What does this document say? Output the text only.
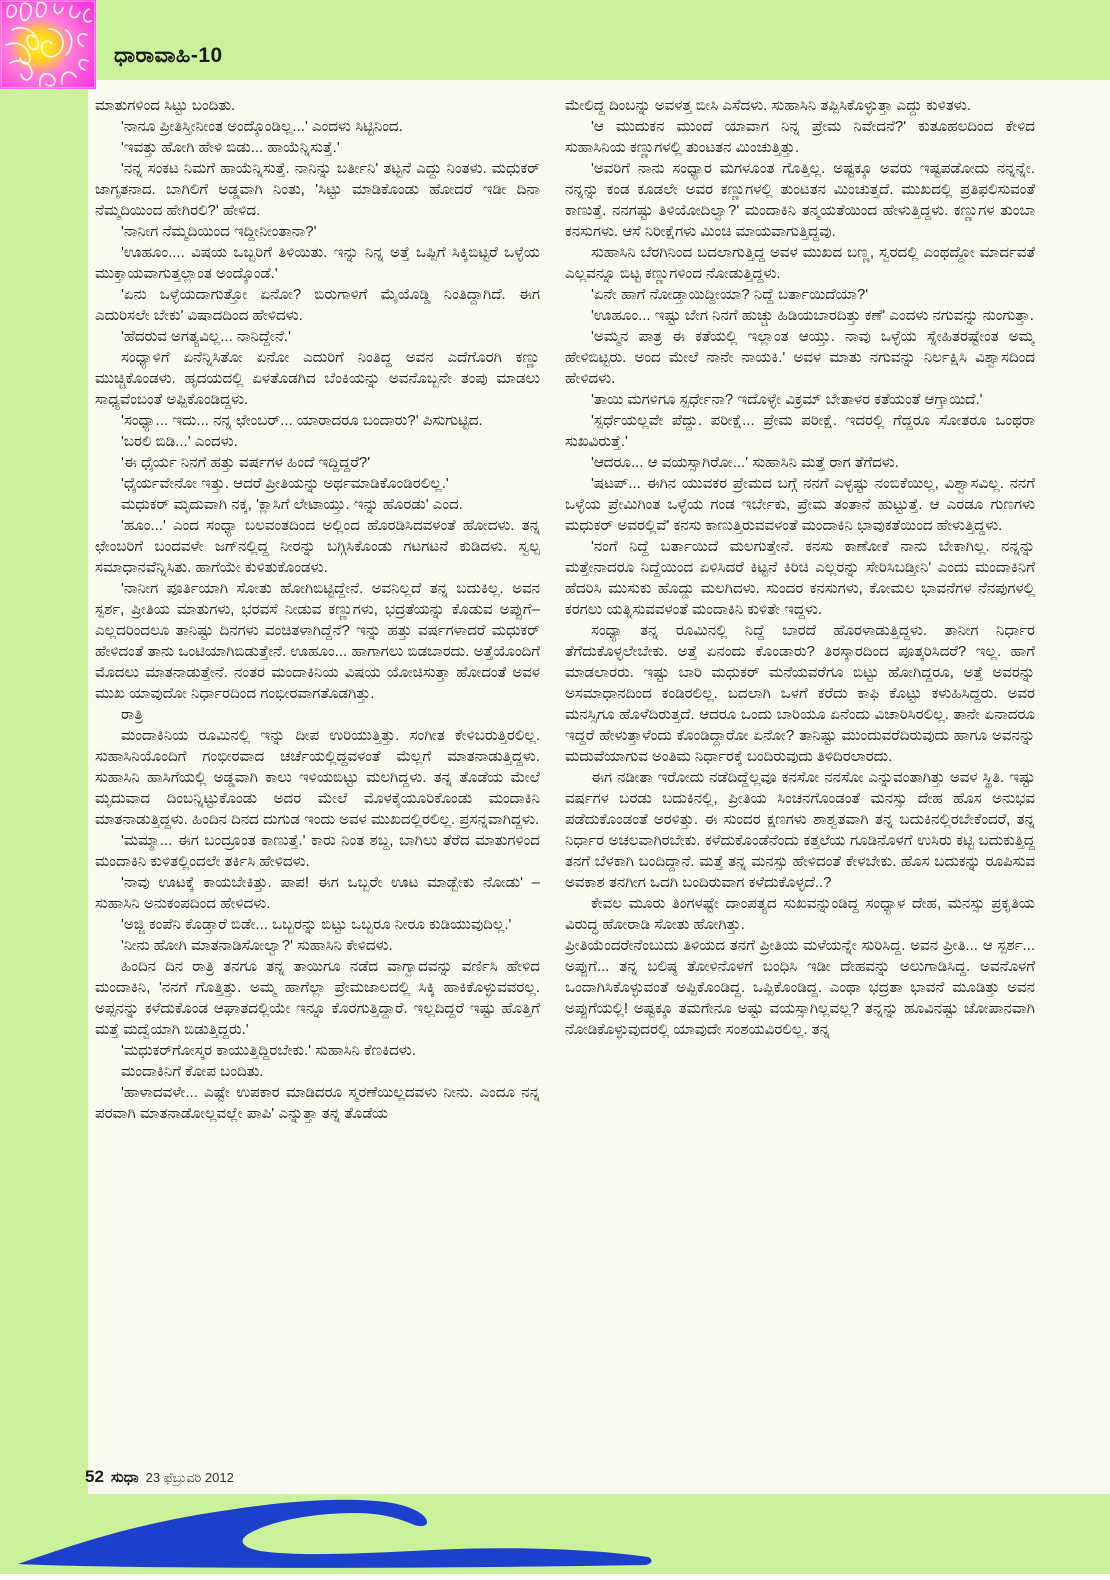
ಮಾತುಗಳಿಂದ ಸಿಟ್ಟು ಬಂದಿತು.

'ನಾನೂ ಪ್ರೀತಿಸ್ತೀನೀಂತ ಅಂದ್ಕೊಂಡಿಲ್ಲ...' ಎಂದಳು ಸಿಟ್ಟಿನಿಂದ.

'ಇವತ್ತು ಹೋಗಿ ಹೇಳಿ ಬಿಡು... ಹಾಯೆನ್ನಿಸುತ್ತೆ.'

'ನನ್ನ ಸಂಕಟ ನಿಮಗೆ ಹಾಯೆನ್ನಿಸುತ್ತೆ. ನಾನಿನ್ನು ಬರ್ತೀನಿ' ತಟ್ಟನೆ ಎದ್ದು ನಿಂತಳು. ಮಧುಕರ್ ಜಾಗೃತನಾದ. ಬಾಗಿಲಿಗೆ ಅಡ್ಡವಾಗಿ ನಿಂತು, 'ಸಿಟ್ಟು ಮಾಡಿಕೊಂಡು ಹೋದರೆ ಇಡೀ ದಿನಾ ನೆಮ್ಮದಿಯಿಂದ ಹೇಗಿರಲಿ?' ಹೇಳಿದ.

'ನಾನೀಗ ನೆಮ್ಮದಿಯಿಂದ ಇದ್ದೀನೀಂತಾನಾ?'

'ಊಹೂಂ.... ವಿಷಯ ಒಬ್ಬರಿಗೆ ತಿಳಿಯಿತು. ಇನ್ನು ನಿನ್ನ ಅತ್ತೆ ಒಪ್ಪಿಗೆ ಸಿಕ್ಕಿಬಿಟ್ಟರೆ ಒಳ್ಳೆಯ ಮುಕ್ತಾಯವಾಗುತ್ತಲ್ಲಾಂತ ಅಂದ್ಕೊಂಡೆ.'

'ಏನು ಒಳ್ಳೆಯದಾಗುತ್ತೋ ಏನೋ? ಬಿರುಗಾಳಿಗೆ ಮೈಯೊಡ್ಡಿ ನಿಂತಿದ್ದಾಗಿದೆ. ಈಗ ಎದುರಿಸಲೇ ಬೇಕು' ವಿಷಾದದಿಂದ ಹೇಳಿದಳು.

'ಹೆದರುವ ಅಗತ್ಯವಿಲ್ಲ... ನಾನಿದ್ದೇನೆ.'

ಸಂಧ್ಯಾಳಿಗೆ ಏನೆನ್ನಿಸಿತೋ ಏನೋ ಎದುರಿಗೆ ನಿಂತಿದ್ದ ಅವನ ಎದೆಗೊರಗಿ ಕಣ್ಣು ಮುಚ್ಚಿಕೊಂಡಳು. ಹೃದಯದಲ್ಲಿ ಏಳತೊಡಗಿದ ಬೆಂಕಿಯನ್ನು ಅವನೊಬ್ಬನೇ ತಂಪು ಮಾಡಲು ಸಾಧ್ಯವೆಂಬಂತೆ ಅಪ್ಪಿಕೊಂಡಿದ್ದಳು.

'ಸಂಧ್ಯಾ... ಇದು... ನನ್ನ ಛೇಂಬರ್... ಯಾರಾದರೂ ಬಂದಾರು?' ಪಿಸುಗುಟ್ಟಿದ.

'ಬರಲಿ ಬಿಡಿ...' ಎಂದಳು.

'ಈ ಧೈರ್ಯ ನಿನಗೆ ಹತ್ತು ವರ್ಷಗಳ ಹಿಂದೆ ಇದ್ದಿದ್ದರೆ?'

'ಧೈರ್ಯವೇನೋ ಇತ್ತು. ಆದರೆ ಪ್ರೀತಿಯನ್ನು ಅರ್ಥಮಾಡಿಕೊಂಡಿರಲಿಲ್ಲ.'

ಮಧುಕರ್ ಮೃದುವಾಗಿ ನಕ್ಕ, 'ಕ್ಲಾಸಿಗೆ ಲೇಟಾಯ್ತು. ಇನ್ನು ಹೊರಡು' ಎಂದ.

'ಹೂಂ...' ಎಂದ ಸಂಧ್ಯಾ ಬಲವಂತದಿಂದ ಅಲ್ಲಿಂದ ಹೊರಡಿಸಿದವಳಂತೆ ಹೋದಳು. ತನ್ನ ಛೇಂಬರಿಗೆ ಬಂದವಳೇ ಜಗ್‌ನಲ್ಲಿದ್ದ ನೀರನ್ನು ಬಗ್ಗಿಸಿಕೊಂಡು ಗಟಗಟನೆ ಕುಡಿದಳು. ಸ್ವಲ್ಪ ಸಮಾಧಾನವೆನ್ನಿಸಿತು. ಹಾಗೆಯೇ ಕುಳಿತುಕೊಂಡಳು.

'ನಾನೀಗ ಪೂರ್ತಿಯಾಗಿ ಸೋತು ಹೋಗಿಬಿಟ್ಟಿದ್ದೇನೆ. ಅವನಿಲ್ಲದೆ ತನ್ನ ಬದುಕಿಲ್ಲ. ಅವನ ಸ್ಪರ್ಶ, ಪ್ರೀತಿಯ ಮಾತುಗಳು, ಭರವಸೆ ನೀಡುವ ಕಣ್ಣುಗಳು, ಭದ್ರತೆಯನ್ನು ಕೊಡುವ ಅಪ್ಪುಗೆ– ಎಲ್ಲದರಿಂದಲೂ ತಾನಿಷ್ಟು ದಿನಗಳು ವಂಚಿತಳಾಗಿದ್ದೆನೆ? ಇನ್ನು ಹತ್ತು ವರ್ಷಗಳಾದರೆ ಮಧುಕರ್ ಹೇಳಿದಂತೆ ತಾನು ಒಂಟಿಯಾಗಿಬಿಡುತ್ತೇನೆ. ಊಹೂಂ... ಹಾಗಾಗಲು ಬಿಡಬಾರದು. ಅತ್ತೆಯೊಂದಿಗೆ ಮೊದಲು ಮಾತನಾಡುತ್ತೇನೆ. ನಂತರ ಮಂದಾಕಿನಿಯ ವಿಷಯ ಯೋಚಿಸುತ್ತಾ ಹೋದಂತೆ ಅವಳ ಮುಖ ಯಾವುದೋ ನಿರ್ಧಾರದಿಂದ ಗಂಭೀರವಾಗತೊಡಗಿತ್ತು.

ರಾತ್ರಿ

ಮಂದಾಕಿನಿಯ ರೂಮಿನಲ್ಲಿ ಇನ್ನು ದೀಪ ಉರಿಯುತ್ತಿತ್ತು. ಸಂಗೀತ ಕೇಳಿಬರುತ್ತಿರಲಿಲ್ಲ. ಸುಹಾಸಿನಿಯೊಂದಿಗೆ ಗಂಭೀರವಾದ ಚರ್ಚೆಯಲ್ಲಿದ್ದವಳಂತೆ ಮೆಲ್ಲಗೆ ಮಾತನಾಡುತ್ತಿದ್ದಳು. ಸುಹಾಸಿನಿ ಹಾಸಿಗೆಯಲ್ಲಿ ಅಡ್ಡವಾಗಿ ಕಾಲು ಇಳಿಯಬಿಟ್ಟು ಮಲಗಿದ್ದಳು. ತನ್ನ ತೊಡೆಯ ಮೇಲೆ ಮೃದುವಾದ ದಿಂಬನ್ನಿಟ್ಟುಕೊಂಡು ಅದರ ಮೇಲೆ ಮೊಳಕೈಯೂರಿಕೊಂಡು ಮಂದಾಕಿನಿ ಮಾತನಾಡುತ್ತಿದ್ದಳು. ಹಿಂದಿನ ದಿನದ ದುಗುಡ ಇಂದು ಅವಳ ಮುಖದಲ್ಲಿರಲಿಲ್ಲ. ಪ್ರಸನ್ನವಾಗಿದ್ದಳು.

'ಮಮ್ಮಾ... ಈಗ ಬಂದ್ರೂಂತ ಕಾಣುತ್ತೆ.' ಕಾರು ನಿಂತ ಶಬ್ದ, ಬಾಗಿಲು ತೆರೆದ ಮಾತುಗಳಿಂದ ಮಂದಾಕಿನಿ ಕುಳಿತಲ್ಲಿಂದಲೇ ತರ್ಕಿಸಿ ಹೇಳಿದಳು.

'ನಾವು ಊಟಕ್ಕೆ ಕಾಯಬೇಕಿತ್ತು. ಪಾಪ! ಈಗ ಒಬ್ಬರೇ ಊಟ ಮಾಡ್ಬೇಕು ನೋಡು' –ಸುಹಾಸಿನಿ ಅನುಕಂಪದಿಂದ ಹೇಳಿದಳು.

'ಅಜ್ಜಿ ಕಂಪೆನಿ ಕೊಡ್ತಾರೆ ಬಿಡೇ... ಒಬ್ಬರನ್ನು ಬಿಟ್ಟು ಒಬ್ಬರೂ ನೀರೂ ಕುಡಿಯುವುದಿಲ್ಲ.'

'ನೀನು ಹೋಗಿ ಮಾತನಾಡಿಸೋಲ್ವಾ?' ಸುಹಾಸಿನಿ ಕೇಳಿದಳು.

ಹಿಂದಿನ ದಿನ ರಾತ್ರಿ ತನಗೂ ತನ್ನ ತಾಯಿಗೂ ನಡೆದ ವಾಗ್ವಾದವನ್ನು ವರ್ಣಿಸಿ ಹೇಳಿದ ಮಂದಾಕಿನಿ, 'ನನಗೆ ಗೊತ್ತಿತ್ತು. ಅಮ್ಮ ಹಾಗೆಲ್ಲಾ ಪ್ರೇಮಜಾಲದಲ್ಲಿ ಸಿಕ್ಕಿ ಹಾಕಿಕೊಳ್ಳುವವರಲ್ಲ. ಅಪ್ಪನನ್ನು ಕಳೆದುಕೊಂಡ ಆಘಾತದಲ್ಲಿಯೇ ಇನ್ನೂ ಕೊರಗುತ್ತಿದ್ದಾರೆ. ಇಲ್ಲದಿದ್ದರೆ ಇಷ್ಟು ಹೊತ್ತಿಗೆ ಮತ್ತೆ ಮದ್ವೆಯಾಗಿ ಬಿಡುತ್ತಿದ್ದರು.'

'ಮಧುಕರ್‌ಗೋಸ್ಕರ ಕಾಯುತ್ತಿದ್ದಿರಬೇಕು.' ಸುಹಾಸಿನಿ ಕೆಣಕಿದಳು.

ಮಂದಾಕಿನಿಗೆ ಕೋಪ ಬಂದಿತು.

'ಹಾಳಾದವಳೇ... ಎಷ್ಟೇ ಉಪಕಾರ ಮಾಡಿದರೂ ಸ್ಮರಣೆಯಿಲ್ಲದವಳು ನೀನು. ಎಂದೂ ನನ್ನ ಪರವಾಗಿ ಮಾತನಾಡೋಲ್ಲವಲ್ಲೇ ಪಾಪಿ' ಎನ್ನುತ್ತಾ ತನ್ನ ತೊಡೆಯ

ಮೇಲಿದ್ದ ದಿಂಬನ್ನು ಅವಳತ್ತ ಬೀಸಿ ಎಸೆದಳು. ಸುಹಾಸಿನಿ ತಪ್ಪಿಸಿಕೊಳ್ಳುತ್ತಾ ಎದ್ದು ಕುಳಿತಳು.

'ಆ ಮುದುಕನ ಮುಂದೆ ಯಾವಾಗ ನಿನ್ನ ಪ್ರೇಮ ನಿವೇದನೆ?' ಕುತೂಹಲದಿಂದ ಕೇಳಿದ ಸುಹಾಸಿನಿಯ ಕಣ್ಣುಗಳಲ್ಲಿ ತುಂಟತನ ಮಿಂಚುತ್ತಿತ್ತು.

'ಅವರಿಗೆ ನಾನು ಸಂಧ್ಯಾರ ಮಗಳೂಂತ ಗೊತ್ತಿಲ್ಲ. ಅಷ್ಟಕ್ಕೂ ಅವರು ಇಷ್ಟಪಡೋದು ನನ್ನನ್ನೇ. ನನ್ನನ್ನು ಕಂಡ ಕೂಡಲೇ ಅವರ ಕಣ್ಣುಗಳಲ್ಲಿ ತುಂಟತನ ಮಿಂಚುತ್ತದೆ. ಮುಖದಲ್ಲಿ ಪ್ರತಿಫಲಿಸುವಂತೆ ಕಾಣುತ್ತೆ. ನನಗಷ್ಟು ತಿಳಿಯೋದಿಲ್ವಾ?' ಮಂದಾಕಿನಿ ತನ್ಮಯತೆಯಿಂದ ಹೇಳುತ್ತಿದ್ದಳು. ಕಣ್ಣುಗಳ ತುಂಬಾ ಕನಸುಗಳು. ಆಸೆ ನಿರೀಕ್ಷೆಗಳು ಮಿಂಚಿ ಮಾಯವಾಗುತ್ತಿದ್ದವು.

ಸುಹಾಸಿನಿ ಬೆರಗಿನಿಂದ ಬದಲಾಗುತ್ತಿದ್ದ ಅವಳ ಮುಖದ ಬಣ್ಣ, ಸ್ವರದಲ್ಲಿ ಎಂಥದ್ದೋ ಮಾರ್ದವತೆ ಎಲ್ಲವನ್ನೂ ಬಿಟ್ಟ ಕಣ್ಣುಗಳಿಂದ ನೋಡುತ್ತಿದ್ದಳು.

'ಏನೇ ಹಾಗೆ ನೋಡ್ತಾಯಿದ್ದೀಯಾ? ನಿದ್ದೆ ಬರ್ತಾಯಿದೆಯಾ?'

'ಊಹೂಂ... ಇಷ್ಟು ಬೇಗ ನಿನಗೆ ಹುಚ್ಚು ಹಿಡಿಯಬಾರದಿತ್ತು ಕಣೆ' ಎಂದಳು ನಗುವನ್ನು ನುಂಗುತ್ತಾ.

'ಅಮ್ಮನ ಪಾತ್ರ ಈ ಕತೆಯಲ್ಲಿ ಇಲ್ಲಾಂತ ಆಯ್ತು. ನಾವು ಒಳ್ಳೆಯ ಸ್ನೇಹಿತರಷ್ಟೇಂತ ಅಮ್ಮ ಹೇಳಿಬಿಟ್ಟರು. ಅಂದ ಮೇಲೆ ನಾನೇ ನಾಯಕಿ.' ಅವಳ ಮಾತು ನಗುವನ್ನು ನಿರ್ಲಕ್ಷಿಸಿ ವಿಶ್ವಾಸದಿಂದ ಹೇಳಿದಳು.

'ತಾಯಿ ಮಗಳಿಗೂ ಸ್ಪರ್ಧೇನಾ? ಇದೊಳ್ಳೇ ವಿಕ್ರಮ್ ಬೇತಾಳರ ಕತೆಯಂತೆ ಆಗ್ತಾಯಿದೆ.'

'ಸ್ಪರ್ಧೆಯಲ್ಲವೇ ಪೆದ್ದು. ಪರೀಕ್ಷೆ... ಪ್ರೇಮ ಪರೀಕ್ಷೆ. ಇದರಲ್ಲಿ ಗೆದ್ದರೂ ಸೋತರೂ ಒಂಥರಾ ಸುಖವಿರುತ್ತೆ.'

'ಆದರೂ... ಆ ವಯಸ್ಸಾಗಿರೋ...' ಸುಹಾಸಿನಿ ಮತ್ತೆ ರಾಗ ತೆಗೆದಳು.

'ಷಟಪ್... ಈಗಿನ ಯುವಕರ ಪ್ರೇಮದ ಬಗ್ಗೆ ನನಗೆ ಎಳ್ಳಷ್ಟು ನಂಬಿಕೆಯಿಲ್ಲ, ವಿಶ್ವಾಸವಿಲ್ಲ. ನನಗೆ ಒಳ್ಳೆಯ ಪ್ರೇಮಿಗಿಂತ ಒಳ್ಳೆಯ ಗಂಡ ಇರ್ಬೇಕು, ಪ್ರೇಮ ತಂತಾನೆ ಹುಟ್ಟುತ್ತೆ. ಆ ಎರಡೂ ಗುಣಗಳು ಮಧುಕರ್ ಅವರಲ್ಲಿವೆ' ಕನಸು ಕಾಣುತ್ತಿರುವವಳಂತೆ ಮಂದಾಕಿನಿ ಭಾವುಕತೆಯಿಂದ ಹೇಳುತ್ತಿದ್ದಳು.

'ನಂಗೆ ನಿದ್ದೆ ಬರ್ತಾಯಿದೆ ಮಲಗುತ್ತೇನೆ. ಕನಸು ಕಾಣೋಕೆ ನಾನು ಬೇಕಾಗಿಲ್ಲ. ನನ್ನನ್ನು ಮತ್ತೇನಾದರೂ ನಿದ್ದೆಯಿಂದ ಏಳಿಸಿದರೆ ಕಿಟ್ಟನೆ ಕಿರಿಚಿ ಎಲ್ಲರನ್ನು ಸೇರಿಸಿಬಡ್ತೀನಿ' ಎಂದು ಮಂದಾಕಿನಿಗೆ ಹೆದರಿಸಿ ಮುಸುಕು ಹೊದ್ದು ಮಲಗಿದಳು. ಸುಂದರ ಕನಸುಗಳು, ಕೋಮಲ ಭಾವನೆಗಳ ನೆನಪುಗಳಲ್ಲಿ ಕರಗಲು ಯತ್ನಿಸುವವಳಂತೆ ಮಂದಾಕಿನಿ ಕುಳಿತೇ ಇದ್ದಳು.

ಸಂಧ್ಯಾ ತನ್ನ ರೂಮಿನಲ್ಲಿ ನಿದ್ದೆ ಬಾರದೆ ಹೊರಳಾಡುತ್ತಿದ್ದಳು. ತಾನೀಗ ನಿರ್ಧಾರ ತೆಗೆದುಕೊಳ್ಳಲೇಬೇಕು. ಅತ್ತೆ ಏನಂದು ಕೊಂಡಾರು? ತಿರಸ್ಕಾರದಿಂದ ಪೂತ್ಕರಿಸಿದರೆ? ಇಲ್ಲ. ಹಾಗೆ ಮಾಡಲಾರರು. ಇಷ್ಟು ಬಾರಿ ಮಧುಕರ್ ಮನೆಯವರೆಗೂ ಬಿಟ್ಟು ಹೋಗಿದ್ದರೂ, ಅತ್ತೆ ಅವರನ್ನು ಅಸಮಾಧಾನದಿಂದ ಕಂಡಿರಲಿಲ್ಲ. ಬದಲಾಗಿ ಒಳಗೆ ಕರೆದು ಕಾಫಿ ಕೊಟ್ಟು ಕಳುಹಿಸಿದ್ದರು. ಅವರ ಮನಸ್ಸಿಗೂ ಹೊಳೆದಿರುತ್ತದೆ. ಆದರೂ ಒಂದು ಬಾರಿಯೂ ಏನೆಂದು ವಿಚಾರಿಸಿರಲಿಲ್ಲ. ತಾನೇ ಏನಾದರೂ ಇದ್ದರೆ ಹೇಳುತ್ತಾಳೆಂದು ಕೊಂಡಿದ್ದಾರೋ ಏನೋ? ತಾನಿಷ್ಟು ಮುಂದುವರೆದಿರುವುದು ಹಾಗೂ ಅವನನ್ನು ಮದುವೆಯಾಗುವ ಅಂತಿಮ ನಿರ್ಧಾರಕ್ಕೆ ಬಂದಿರುವುದು ತಿಳಿದಿರಲಾರದು.

ಈಗ ನಡೀತಾ ಇರೋದು ನಡೆದಿದ್ದೆಲ್ಲವೂ ಕನಸೋ ನನಸೋ ಎನ್ನುವಂತಾಗಿತ್ತು ಅವಳ ಸ್ಥಿತಿ. ಇಷ್ಟು ವರ್ಷಗಳ ಬರಡು ಬದುಕಿನಲ್ಲಿ, ಪ್ರೀತಿಯ ಸಿಂಚನಗೊಂಡಂತೆ ಮನಸ್ಸು ದೇಹ ಹೊಸ ಅನುಭವ ಪಡೆದುಕೊಂಡಂತೆ ಅರಳಿತ್ತು. ಈ ಸುಂದರ ಕ್ಷಣಗಳು ಶಾಶ್ವತವಾಗಿ ತನ್ನ ಬದುಕಿನಲ್ಲಿರಬೇಕೆಂದರೆ, ತನ್ನ ನಿರ್ಧಾರ ಅಚಲವಾಗಿರಬೇಕು. ಕಳೆದುಕೊಂಡೆನೆಂದು ಕತ್ತಲೆಯ ಗೂಡಿನೊಳಗೆ ಉಸಿರು ಕಟ್ಟಿ ಬದುಕುತ್ತಿದ್ದ ತನಗೆ ಬೆಳಕಾಗಿ ಬಂದಿದ್ದಾನೆ. ಮತ್ತೆ ತನ್ನ ಮನಸ್ಸು ಹೇಳಿದಂತೆ ಕೇಳಬೇಕು. ಹೊಸ ಬದುಕನ್ನು ರೂಪಿಸುವ ಅವಕಾಶ ತನಗೀಗ ಒದಗಿ ಬಂದಿರುವಾಗ ಕಳೆದುಕೊಳ್ಳದೆ..?

ಕೇವಲ ಮೂರು ತಿಂಗಳಷ್ಟೇ ದಾಂಪತ್ಯದ ಸುಖವನ್ನುಂಡಿದ್ದ ಸಂಧ್ಯಾಳ ದೇಹ, ಮನಸ್ಸು ಪ್ರಕೃತಿಯ ವಿರುದ್ಧ ಹೋರಾಡಿ ಸೋತು ಹೋಗಿತ್ತು.

ಪ್ರೀತಿಯೆಂದರೇನೆಂಬುದು ತಿಳಿಯದ ತನಗೆ ಪ್ರೀತಿಯ ಮಳೆಯನ್ನೇ ಸುರಿಸಿದ್ದ. ಅವನ ಪ್ರೀತಿ... ಆ ಸ್ಪರ್ಶ... ಅಪ್ಪುಗೆ... ತನ್ನ ಬಲಿಷ್ಠ ತೋಳಿನೊಳಗೆ ಬಂಧಿಸಿ ಇಡೀ ದೇಹವನ್ನು ಅಲುಗಾಡಿಸಿದ್ದ. ಅವನೊಳಗೆ ಒಂದಾಗಿಸಿಕೊಳ್ಳುವಂತೆ ಅಪ್ಪಿಕೊಂಡಿದ್ದ. ಒಪ್ಪಿಕೊಂಡಿದ್ದ. ಎಂಥಾ ಭದ್ರತಾ ಭಾವನೆ ಮೂಡಿತ್ತು ಅವನ ಅಪ್ಪುಗೆಯಲ್ಲಿ! ಅಷ್ಟಕ್ಕೂ ತಮಗೇನೂ ಅಷ್ಟು ವಯಸ್ಸಾಗಿಲ್ಲವಲ್ಲ? ತನ್ನನ್ನು ಹೂವಿನಷ್ಟು ಜೋಪಾನವಾಗಿ ನೋಡಿಕೊಳ್ಳುವುದರಲ್ಲಿ ಯಾವುದೇ ಸಂಶಯವಿರಲಿಲ್ಲ. ತನ್ನ

ಧಾರಾವಾಹಿ-10
52 ಸುಧಾ 23 ಫೆಬ್ರುವರಿ 2012
